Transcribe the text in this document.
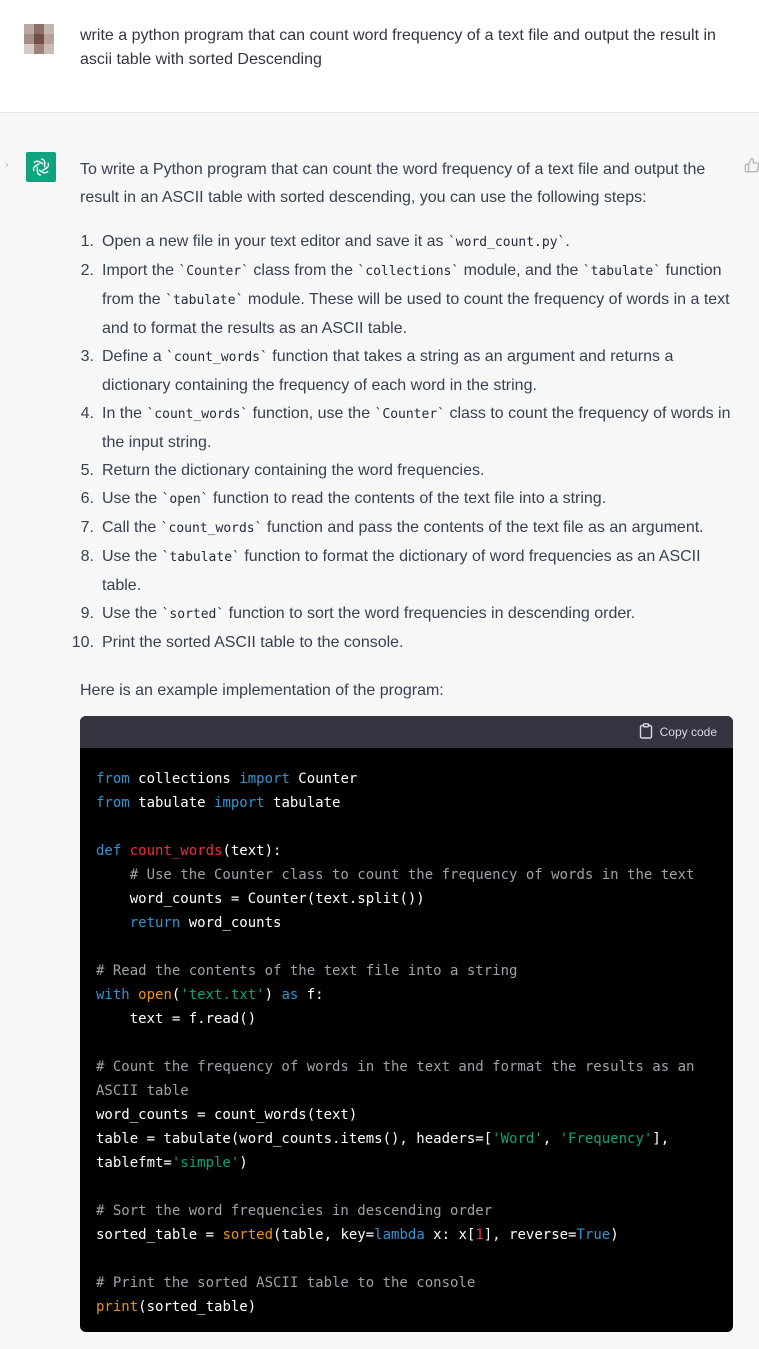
write a python program that can count word frequency of a text file and output the result in ascii table with sorted Descending
›	To write a Python program that can count the word frequency of a text file and output the result in an ASCII table with sorted descending, you can use the following steps:

1. Open a new file in your text editor and save it as `word_count.py`.
2. Import the `Counter` class from the `collections` module, and the `tabulate` function from the `tabulate` module. These will be used to count the frequency of words in a text and to format the results as an ASCII table.
3. Define a `count_words` function that takes a string as an argument and returns a dictionary containing the frequency of each word in the string.
4. In the `count_words` function, use the `Counter` class to count the frequency of words in the input string.
5. Return the dictionary containing the word frequencies.
6. Use the `open` function to read the contents of the text file into a string.
7. Call the `count_words` function and pass the contents of the text file as an argument.
8. Use the `tabulate` function to format the dictionary of word frequencies as an ASCII table.
9. Use the `sorted` function to sort the word frequencies in descending order.
10. Print the sorted ASCII table to the console.

Here is an example implementation of the program:

Copy code
from collections import Counter
from tabulate import tabulate

def count_words(text):
# Use the Counter class to count the frequency of words in the text
word_counts = Counter(text.split())
return word_counts

# Read the contents of the text file into a string
with open('text.txt') as f:
text = f.read()

# Count the frequency of words in the text and format the results as an ASCII table
word_counts = count_words(text)
table = tabulate(word_counts.items(), headers=['Word', 'Frequency'], tablefmt='simple')

# Sort the word frequencies in descending order
sorted_table = sorted(table, key=lambda x: x[1], reverse=True)

# Print the sorted ASCII table to the console
print(sorted_table)
